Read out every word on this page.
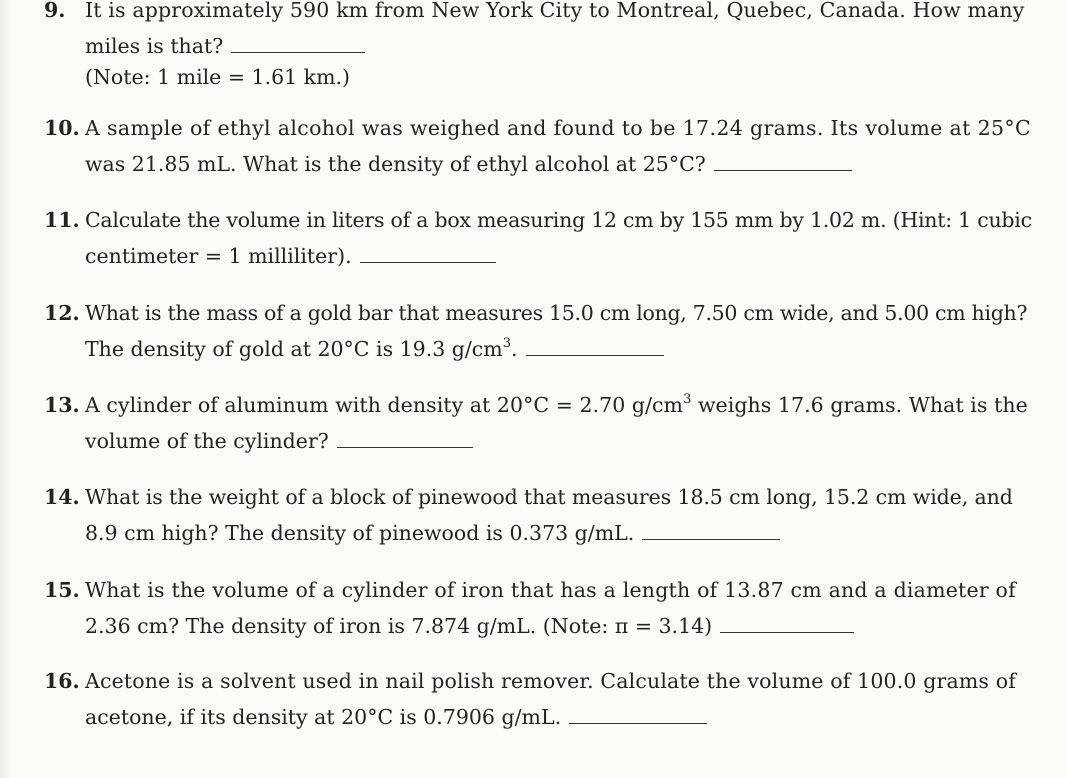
9. It is approximately 590 km from New York City to Montreal, Quebec, Canada. How many
miles is that?
(Note: 1 mile = 1.61 km.)
10. A sample of ethyl alcohol was weighed and found to be 17.24 grams. Its volume at 25°C
was 21.85 mL. What is the density of ethyl alcohol at 25°C?
11. Calculate the volume in liters of a box measuring 12 cm by 155 mm by 1.02 m. (Hint: 1 cubic
centimeter = 1 milliliter).
12. What is the mass of a gold bar that measures 15.0 cm long, 7.50 cm wide, and 5.00 cm high?
The density of gold at 20°C is 19.3 $g/cm^3$.
13. A cylinder of aluminum with density at 20°C = 2.70 $g/cm^3$ weighs 17.6 grams. What is the
volume of the cylinder?
14. What is the weight of a block of pinewood that measures 18.5 cm long, 15.2 cm wide, and
8.9 cm high? The density of pinewood is 0.373 g/mL.
15. What is the volume of a cylinder of iron that has a length of 13.87 cm and a diameter of
2.36 cm? The density of iron is 7.874 g/mL. (Note: π = 3.14)
16. Acetone is a solvent used in nail polish remover. Calculate the volume of 100.0 grams of
acetone, if its density at 20°C is 0.7906 g/mL.
